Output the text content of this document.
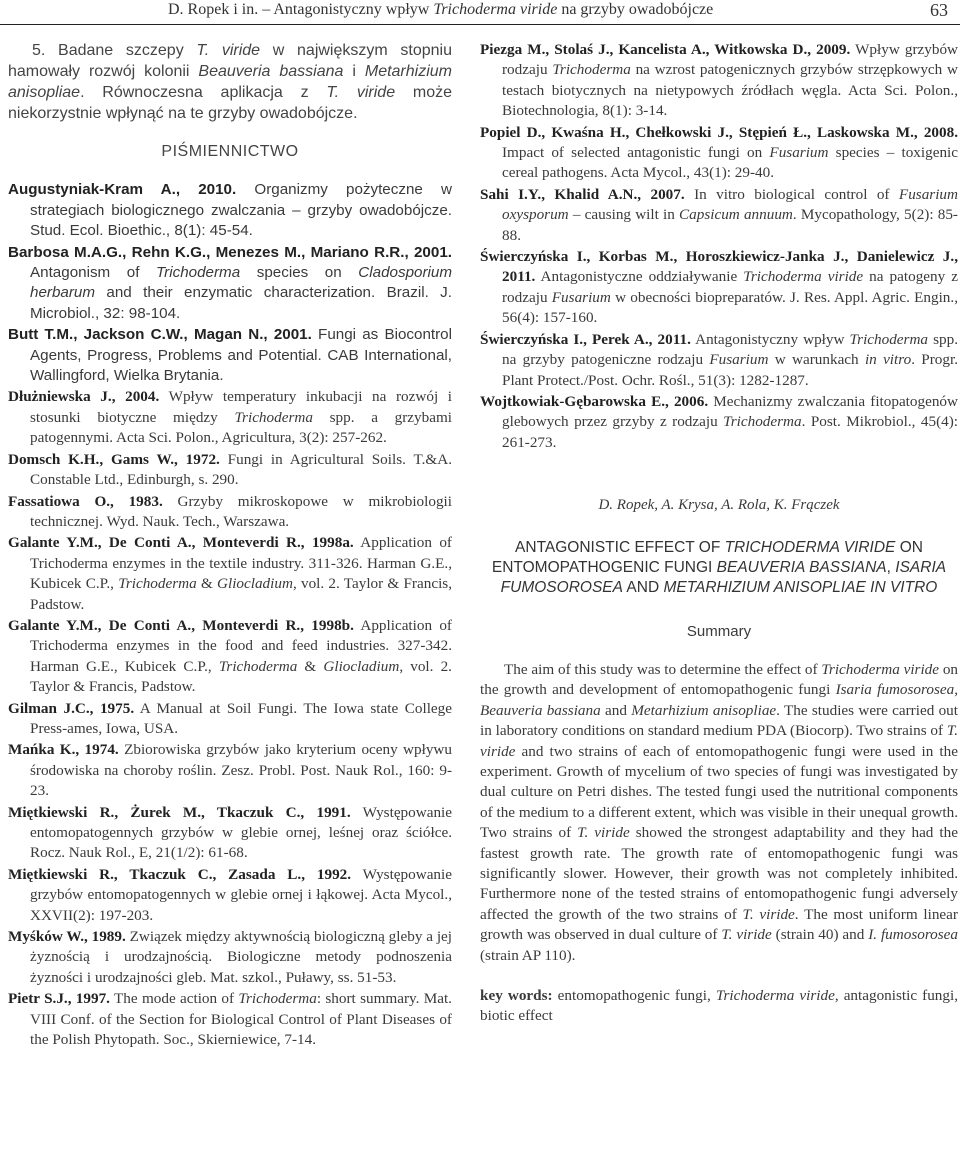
D. Ropek i in. – Antagonistyczny wpływ Trichoderma viride na grzyby owadobójcze	63

5. Badane szczepy T. viride w największym stopniu hamowały rozwój kolonii Beauveria bassiana i Metarhizium anisopliae. Równoczesna aplikacja z T. viride może niekorzystnie wpłynąć na te grzyby owadobójcze.

PIŚMIENNICTWO

Augustyniak-Kram A., 2010. Organizmy pożyteczne w strategiach biologicznego zwalczania – grzyby owadobójcze. Stud. Ecol. Bioethic., 8(1): 45-54.

Barbosa M.A.G., Rehn K.G., Menezes M., Mariano R.R., 2001. Antagonism of Trichoderma species on Cladosporium herbarum and their enzymatic characterization. Brazil. J. Microbiol., 32: 98-104.

Butt T.M., Jackson C.W., Magan N., 2001. Fungi as Biocontrol Agents, Progress, Problems and Potential. CAB International, Wallingford, Wielka Brytania.

Dłużniewska J., 2004. Wpływ temperatury inkubacji na rozwój i stosunki biotyczne między Trichoderma spp. a grzybami patogennymi. Acta Sci. Polon., Agricultura, 3(2): 257-262.

Domsch K.H., Gams W., 1972. Fungi in Agricultural Soils. T.&A. Constable Ltd., Edinburgh, s. 290.

Fassatiowa O., 1983. Grzyby mikroskopowe w mikrobiologii technicznej. Wyd. Nauk. Tech., Warszawa.

Galante Y.M., De Conti A., Monteverdi R., 1998a. Application of Trichoderma enzymes in the textile industry. 311-326. Harman G.E., Kubicek C.P., Trichoderma & Gliocladium, vol. 2. Taylor & Francis, Padstow.

Galante Y.M., De Conti A., Monteverdi R., 1998b. Application of Trichoderma enzymes in the food and feed industries. 327-342. Harman G.E., Kubicek C.P., Trichoderma & Gliocladium, vol. 2. Taylor & Francis, Padstow.

Gilman J.C., 1975. A Manual at Soil Fungi. The Iowa state College Press-ames, Iowa, USA.

Mańka K., 1974. Zbiorowiska grzybów jako kryterium oceny wpływu środowiska na choroby roślin. Zesz. Probl. Post. Nauk Rol., 160: 9-23.

Miętkiewski R., Żurek M., Tkaczuk C., 1991. Występowanie entomopatogennych grzybów w glebie ornej, leśnej oraz ściółce. Rocz. Nauk Rol., E, 21(1/2): 61-68.

Miętkiewski R., Tkaczuk C., Zasada L., 1992. Występowanie grzybów entomopatogennych w glebie ornej i łąkowej. Acta Mycol., XXVII(2): 197-203.

Myśków W., 1989. Związek między aktywnością biologiczną gleby a jej żyznością i urodzajnością. Biologiczne metody podnoszenia żyzności i urodzajności gleb. Mat. szkol., Puławy, ss. 51-53.

Pietr S.J., 1997. The mode action of Trichoderma: short summary. Mat. VIII Conf. of the Section for Biological Control of Plant Diseases of the Polish Phytopath. Soc., Skierniewice, 7-14.

Piezga M., Stolaś J., Kancelista A., Witkowska D., 2009. Wpływ grzybów rodzaju Trichoderma na wzrost patogenicznych grzybów strzępkowych w testach biotycznych na nietypowych źródłach węgla. Acta Sci. Polon., Biotechnologia, 8(1): 3-14.

Popiel D., Kwaśna H., Chełkowski J., Stępień Ł., Laskowska M., 2008. Impact of selected antagonistic fungi on Fusarium species – toxigenic cereal pathogens. Acta Mycol., 43(1): 29-40.

Sahi I.Y., Khalid A.N., 2007. In vitro biological control of Fusarium oxysporum – causing wilt in Capsicum annuum. Mycopathology, 5(2): 85-88.

Świerczyńska I., Korbas M., Horoszkiewicz-Janka J., Danielewicz J., 2011. Antagonistyczne oddziaływanie Trichoderma viride na patogeny z rodzaju Fusarium w obecności biopreparatów. J. Res. Appl. Agric. Engin., 56(4): 157-160.

Świerczyńska I., Perek A., 2011. Antagonistyczny wpływ Trichoderma spp. na grzyby patogeniczne rodzaju Fusarium w warunkach in vitro. Progr. Plant Protect./Post. Ochr. Rośl., 51(3): 1282-1287.

Wojtkowiak-Gębarowska E., 2006. Mechanizmy zwalczania fitopatogenów glebowych przez grzyby z rodzaju Trichoderma. Post. Mikrobiol., 45(4): 261-273.

D. Ropek, A. Krysa, A. Rola, K. Frączek
ANTAGONISTIC EFFECT OF TRICHODERMA VIRIDE ON ENTOMOPATHOGENIC FUNGI BEAUVERIA BASSIANA, ISARIA FUMOSOROSEA AND METARHIZIUM ANISOPLIAE IN VITRO
Summary

The aim of this study was to determine the effect of Trichoderma viride on the growth and development of entomopathogenic fungi Isaria fumosorosea, Beauveria bassiana and Metarhizium anisopliae. The studies were carried out in laboratory conditions on standard medium PDA (Biocorp). Two strains of T. viride and two strains of each of entomopathogenic fungi were used in the experiment. Growth of mycelium of two species of fungi was investigated by dual culture on Petri dishes. The tested fungi used the nutritional components of the medium to a different extent, which was visible in their unequal growth. Two strains of T. viride showed the strongest adaptability and they had the fastest growth rate. The growth rate of entomopathogenic fungi was significantly slower. However, their growth was not completely inhibited. Furthermore none of the tested strains of entomopathogenic fungi adversely affected the growth of the two strains of T. viride. The most uniform linear growth was observed in dual culture of T. viride (strain 40) and I. fumosorosea (strain AP 110).

key words: entomopathogenic fungi, Trichoderma viride, antagonistic fungi, biotic effect
